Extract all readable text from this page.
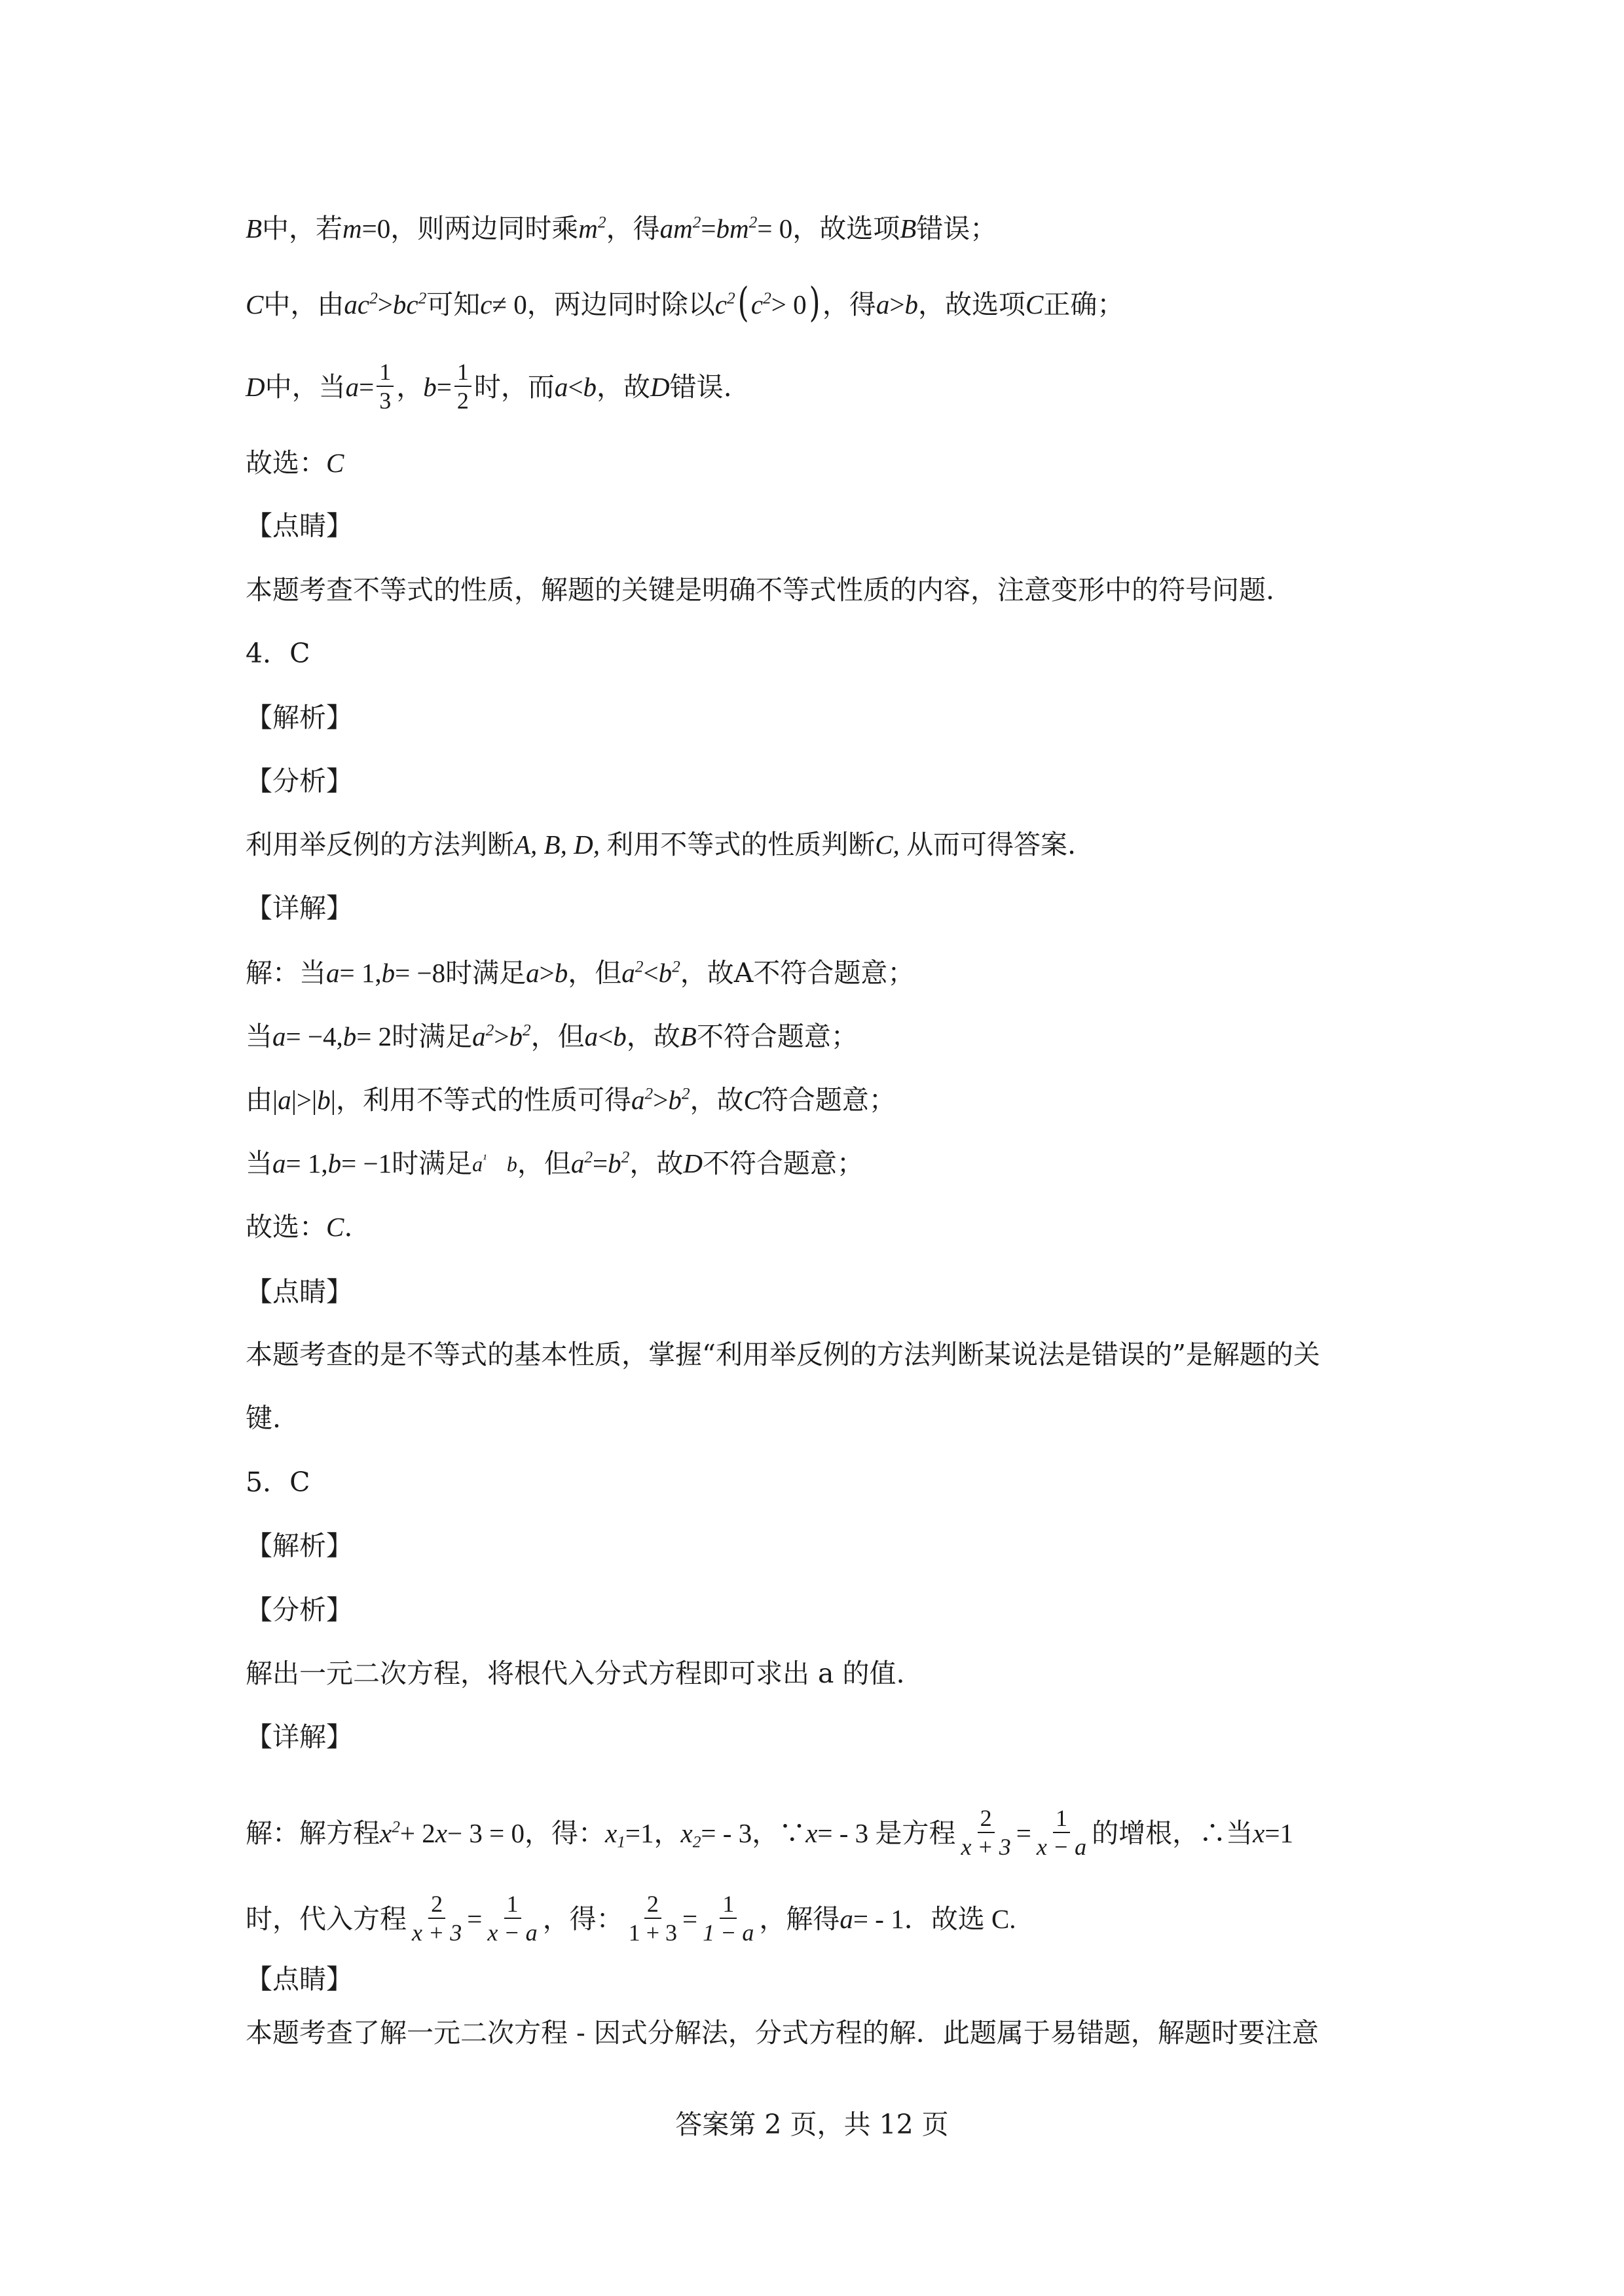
B 中，若 m =0 ，则两边同时乘 $m^2$ ，得 $am^2 = bm^2 = 0$ ，故选项 B 错误；
C 中，由 $ac^2 > bc^2$ 可知 c ≠ 0 ，两边同时除以 $c^2$ ( $c^2 > 0$ ) ，得 a > b ，故选项 C 正确；
D 中，当 $a = \frac{1}{3}$ ， $b = \frac{1}{2}$ 时，而 a < b ，故 D 错误.
故选： C
【点睛】
本题考查不等式的性质，解题的关键是明确不等式性质的内容，注意变形中的符号问题.
4．C
【解析】
【分析】
利用举反例的方法判断 A, B, D, 利用不等式的性质判断 C, 从而可得答案.
【详解】
解：当 a = 1, b = −8 时满足 a > b ，但 $a^2 < b^2$ ，故A不符合题意；
当 a = −4, b = 2 时满足 $a^2 > b^2$ ，但 a < b ，故 B 不符合题意；
由 | a |>| b | ，利用不等式的性质可得 $a^2 > b^2$ ，故 C 符合题意；
当 a = 1, b = −1 时满足 $a^{^1}$ b ，但 $a^2 = b^2$ ，故 D 不符合题意；
故选： C .
【点睛】
本题考查的是不等式的基本性质，掌握“利用举反例的方法判断某说法是错误的”是解题的关
键.
5．C
【解析】
【分析】
解出一元二次方程，将根代入分式方程即可求出 a 的值.
【详解】
解：解方程 $x^2 + 2$ x − 3 = 0 ，得： $x_1 =1$， $x_2$ = - 3，∵ x = - 3 是方程 $\frac{2}{x + 3} = \frac{1}{x - a}$ 的增根，∴当 x =1
时，代入方程 $\frac{2}{x + 3} = \frac{1}{x - a}$ ，得： $\frac{2}{1 + 3} = \frac{1}{1 - a}$ ，解得 a = - 1．故选 C.
【点睛】
本题考查了解一元二次方程 - 因式分解法，分式方程的解．此题属于易错题，解题时要注意
答案第 2 页，共 12 页
